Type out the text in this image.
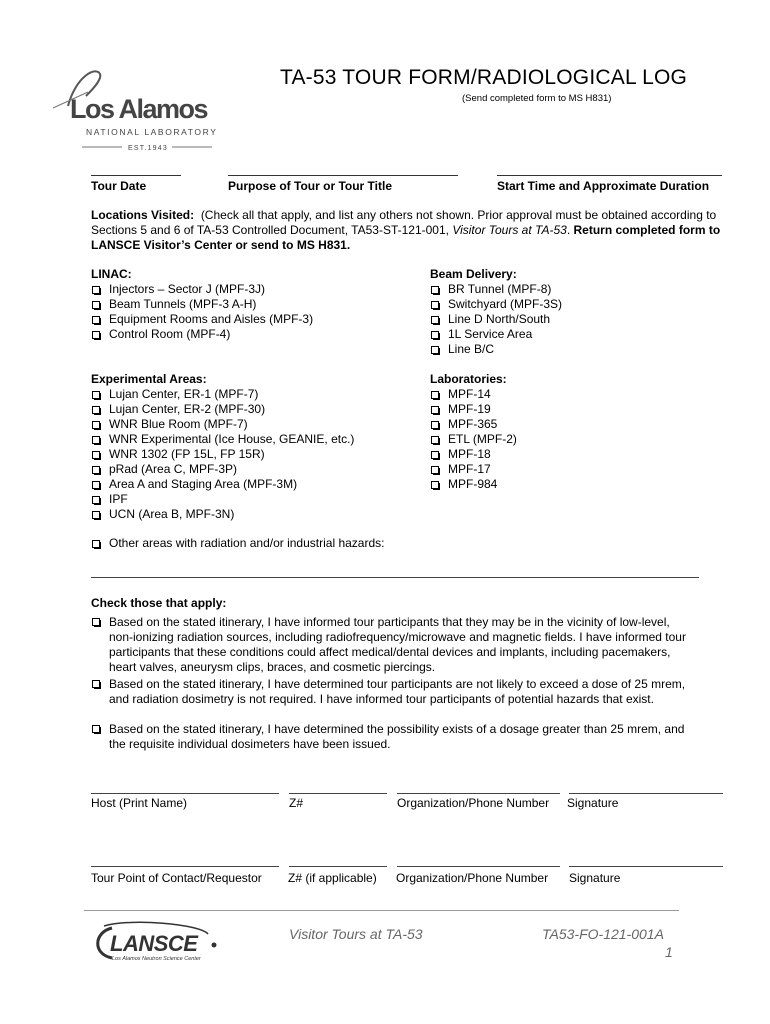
Los Alamos
NATIONAL LABORATORY
EST.1943
TA-53 TOUR FORM/RADIOLOGICAL LOG
(Send completed form to MS H831)
Tour Date	Purpose of Tour or Tour Title	Start Time and Approximate Duration
Locations Visited: (Check all that apply, and list any others not shown. Prior approval must be obtained according to Sections 5 and 6 of TA-53 Controlled Document, TA53-ST-121-001, Visitor Tours at TA-53. Return completed form to LANSCE Visitor’s Center or send to MS H831.
LINAC:
Injectors – Sector J (MPF-3J)
Beam Tunnels (MPF-3 A-H)
Equipment Rooms and Aisles (MPF-3)
Control Room (MPF-4)
Beam Delivery:
BR Tunnel (MPF-8)
Switchyard (MPF-3S)
Line D North/South
1L Service Area
Line B/C
Experimental Areas:
Lujan Center, ER-1 (MPF-7)
Lujan Center, ER-2 (MPF-30)
WNR Blue Room (MPF-7)
WNR Experimental (Ice House, GEANIE, etc.)
WNR 1302 (FP 15L, FP 15R)
pRad (Area C, MPF-3P)
Area A and Staging Area (MPF-3M)
IPF
UCN (Area B, MPF-3N)
Laboratories:
MPF-14
MPF-19
MPF-365
ETL (MPF-2)
MPF-18
MPF-17
MPF-984
Other areas with radiation and/or industrial hazards:
Check those that apply:
Based on the stated itinerary, I have informed tour participants that they may be in the vicinity of low-level, non-ionizing radiation sources, including radiofrequency/microwave and magnetic fields. I have informed tour participants that these conditions could affect medical/dental devices and implants, including pacemakers, heart valves, aneurysm clips, braces, and cosmetic piercings.
Based on the stated itinerary, I have determined tour participants are not likely to exceed a dose of 25 mrem, and radiation dosimetry is not required. I have informed tour participants of potential hazards that exist.
Based on the stated itinerary, I have determined the possibility exists of a dosage greater than 25 mrem, and the requisite individual dosimeters have been issued.
Host (Print Name)	Z#	Organization/Phone Number Signature
Tour Point of Contact/Requestor Z# (if applicable) Organization/Phone Number Signature
LANSCE
Los Alamos Neutron Science Center
Visitor Tours at TA-53	TA53-FO-121-001A
1
